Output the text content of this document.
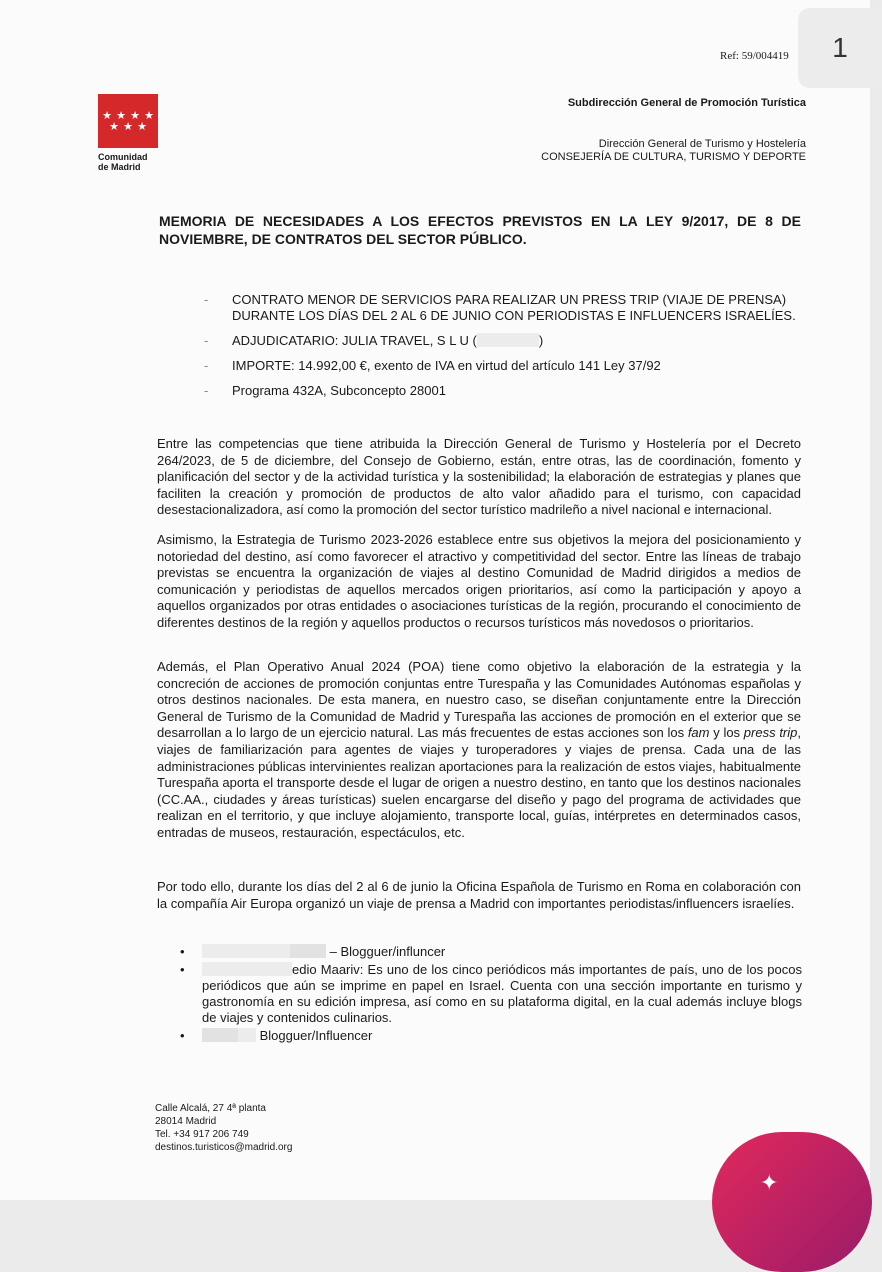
Ref: 59/004419
★ ★ ★ ★
★ ★ ★
Comunidad
de Madrid
Subdirección General de Promoción Turística
Dirección General de Turismo y Hostelería
CONSEJERÍA DE CULTURA, TURISMO Y DEPORTE
MEMORIA DE NECESIDADES A LOS EFECTOS PREVISTOS EN LA LEY 9/2017, DE 8 DE NOVIEMBRE, DE CONTRATOS DEL SECTOR PÚBLICO.
- CONTRATO MENOR DE SERVICIOS PARA REALIZAR UN PRESS TRIP (VIAJE DE PRENSA) DURANTE LOS DÍAS DEL 2 AL 6 DE JUNIO CON PERIODISTAS E INFLUENCERS ISRAELÍES.
- ADJUDICATARIO: JULIA TRAVEL, S L U (	)
- IMPORTE: 14.992,00 €, exento de IVA en virtud del artículo 141 Ley 37/92
- Programa 432A, Subconcepto 28001

Entre las competencias que tiene atribuida la Dirección General de Turismo y Hostelería por el Decreto 264/2023, de 5 de diciembre, del Consejo de Gobierno, están, entre otras, las de coordinación, fomento y planificación del sector y de la actividad turística y la sostenibilidad; la elaboración de estrategias y planes que faciliten la creación y promoción de productos de alto valor añadido para el turismo, con capacidad desestacionalizadora, así como la promoción del sector turístico madrileño a nivel nacional e internacional.

Asimismo, la Estrategia de Turismo 2023-2026 establece entre sus objetivos la mejora del posicionamiento y notoriedad del destino, así como favorecer el atractivo y competitividad del sector. Entre las líneas de trabajo previstas se encuentra la organización de viajes al destino Comunidad de Madrid dirigidos a medios de comunicación y periodistas de aquellos mercados origen prioritarios, así como la participación y apoyo a aquellos organizados por otras entidades o asociaciones turísticas de la región, procurando el conocimiento de diferentes destinos de la región y aquellos productos o recursos turísticos más novedosos o prioritarios.

Además, el Plan Operativo Anual 2024 (POA) tiene como objetivo la elaboración de la estrategia y la concreción de acciones de promoción conjuntas entre Turespaña y las Comunidades Autónomas españolas y otros destinos nacionales. De esta manera, en nuestro caso, se diseñan conjuntamente entre la Dirección General de Turismo de la Comunidad de Madrid y Turespaña las acciones de promoción en el exterior que se desarrollan a lo largo de un ejercicio natural. Las más frecuentes de estas acciones son los fam y los press trip, viajes de familiarización para agentes de viajes y turoperadores y viajes de prensa. Cada una de las administraciones públicas intervinientes realizan aportaciones para la realización de estos viajes, habitualmente Turespaña aporta el transporte desde el lugar de origen a nuestro destino, en tanto que los destinos nacionales (CC.AA., ciudades y áreas turísticas) suelen encargarse del diseño y pago del programa de actividades que realizan en el territorio, y que incluye alojamiento, transporte local, guías, intérpretes en determinados casos, entradas de museos, restauración, espectáculos, etc.

Por todo ello, durante los días del 2 al 6 de junio la Oficina Española de Turismo en Roma en colaboración con la compañía Air Europa organizó un viaje de prensa a Madrid con importantes periodistas/influencers israelíes.

•	– Blogguer/influncer
•	edio Maariv: Es uno de los cinco periódicos más importantes de país, uno de los pocos periódicos que aún se imprime en papel en Israel. Cuenta con una sección importante en turismo y gastronomía en su edición impresa, así como en su plataforma digital, en la cual además incluye blogs de viajes y contenidos culinarios.
•	Blogguer/Influencer
Calle Alcalá, 27 4ª planta
28014 Madrid
Tel. +34 917 206 749
destinos.turisticos@madrid.org
1
✦
